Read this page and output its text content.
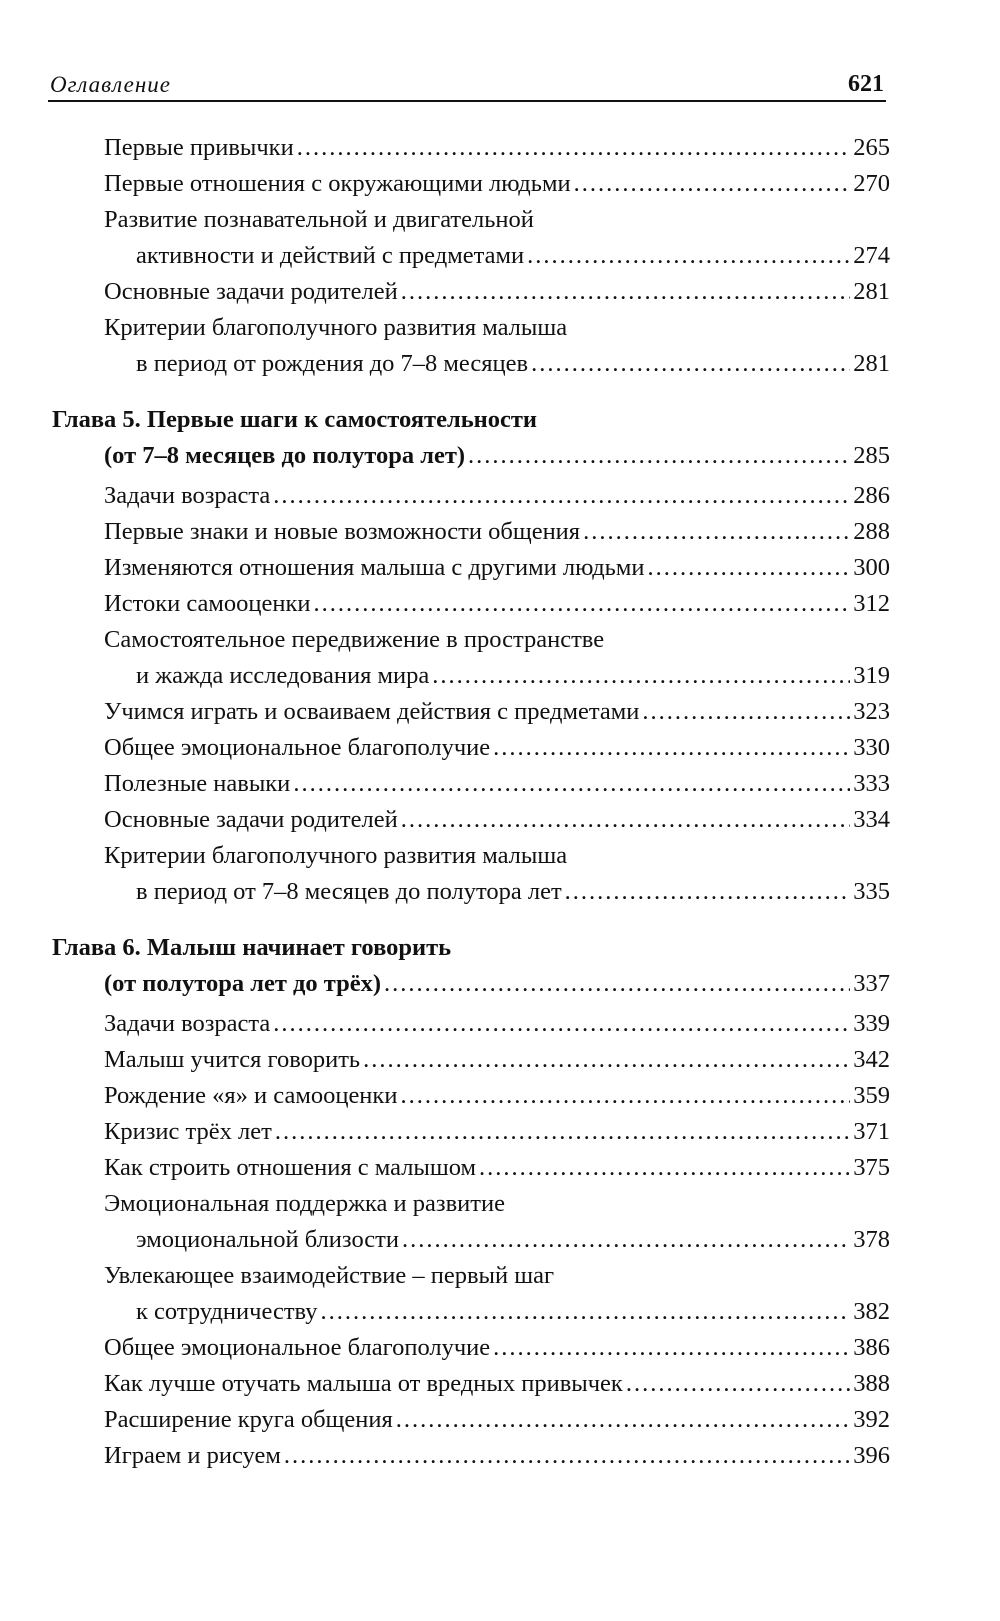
Оглавление	621
Первые привычки .....	265
Первые отношения с окружающими людьми .....	270
Развитие познавательной и двигательной
активности и действий с предметами .....	274
Основные задачи родителей .....	281
Критерии благополучного развития малыша
в период от рождения до 7–8 месяцев .....	281
Глава 5. Первые шаги к самостоятельности
(от 7–8 месяцев до полутора лет) .....	285
Задачи возраста .....	286
Первые знаки и новые возможности общения .....	288
Изменяются отношения малыша с другими людьми .....	300
Истоки самооценки .....	312
Самостоятельное передвижение в пространстве
и жажда исследования мира .....	319
Учимся играть и осваиваем действия с предметами .....	323
Общее эмоциональное благополучие .....	330
Полезные навыки .....	333
Основные задачи родителей .....	334
Критерии благополучного развития малыша
в период от 7–8 месяцев до полутора лет .....	335
Глава 6. Малыш начинает говорить
(от полутора лет до трёх) .....	337
Задачи возраста .....	339
Малыш учится говорить .....	342
Рождение «я» и самооценки .....	359
Кризис трёх лет .....	371
Как строить отношения с малышом .....	375
Эмоциональная поддержка и развитие
эмоциональной близости .....	378
Увлекающее взаимодействие – первый шаг
к сотрудничеству .....	382
Общее эмоциональное благополучие .....	386
Как лучше отучать малыша от вредных привычек .....	388
Расширение круга общения .....	392
Играем и рисуем .....	396
